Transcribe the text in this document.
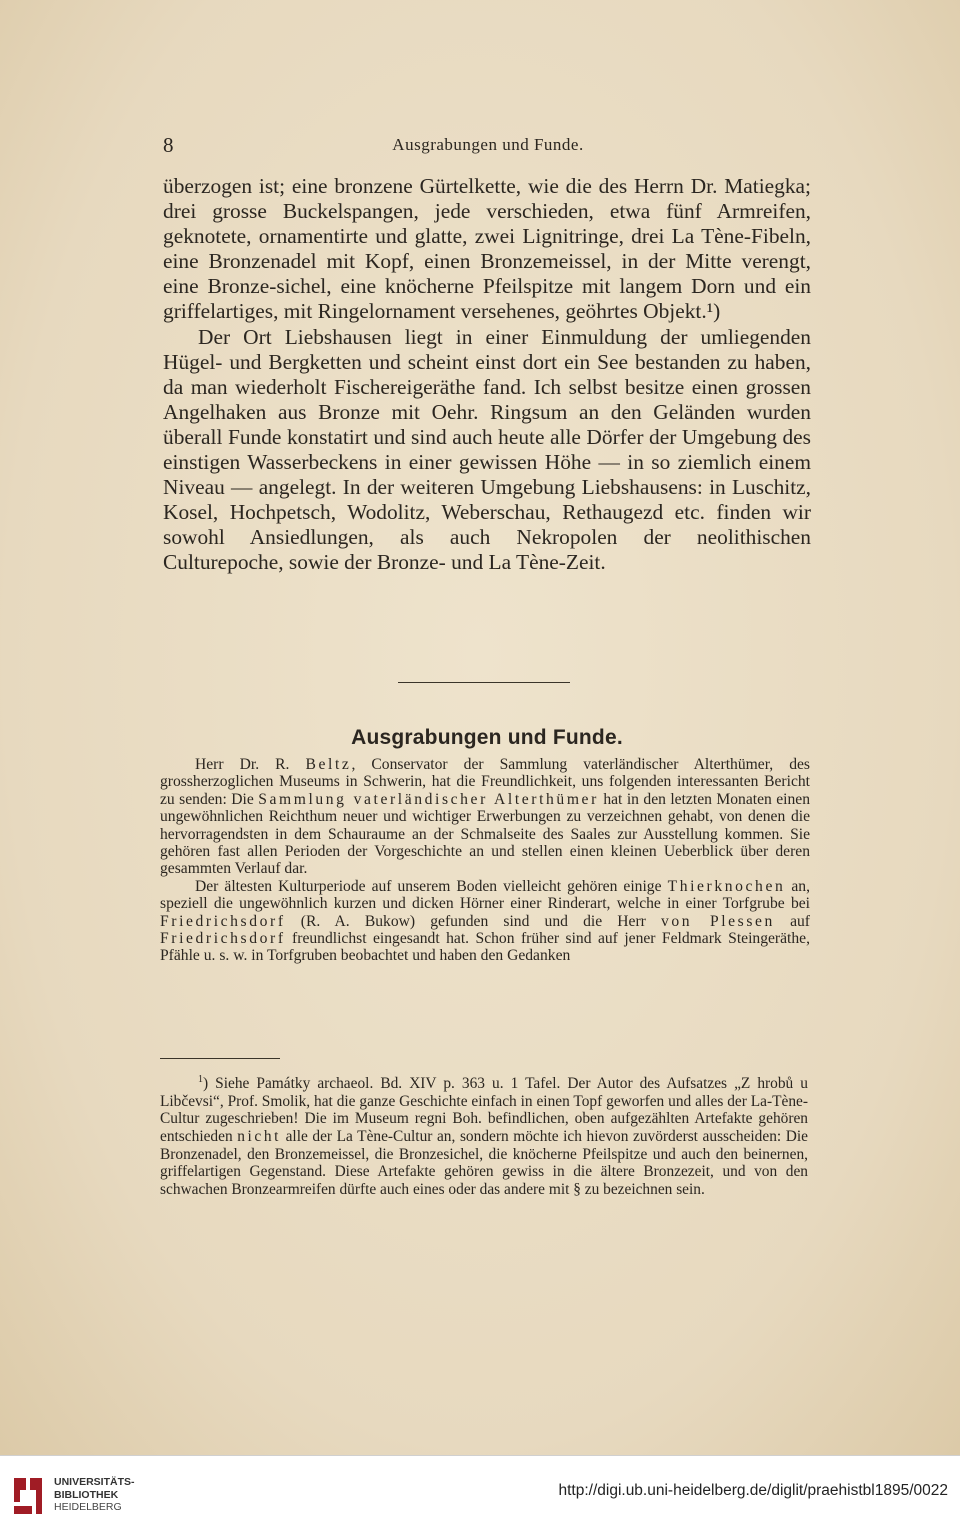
8	Ausgrabungen und Funde.

überzogen ist; eine bronzene Gürtelkette, wie die des Herrn Dr. Matiegka; drei grosse Buckelspangen, jede verschieden, etwa fünf Armreifen, geknotete, ornamentirte und glatte, zwei Lignitringe, drei La Tène-Fibeln, eine Bronzenadel mit Kopf, einen Bronzemeissel, in der Mitte verengt, eine Bronze-sichel, eine knöcherne Pfeilspitze mit langem Dorn und ein griffelartiges, mit Ringelornament versehenes, geöhrtes Objekt.¹)

Der Ort Liebshausen liegt in einer Einmuldung der umliegenden Hügel- und Bergketten und scheint einst dort ein See bestanden zu haben, da man wiederholt Fischereigeräthe fand. Ich selbst besitze einen grossen Angelhaken aus Bronze mit Oehr. Ringsum an den Geländen wurden überall Funde konstatirt und sind auch heute alle Dörfer der Umgebung des einstigen Wasserbeckens in einer gewissen Höhe — in so ziemlich einem Niveau — angelegt. In der weiteren Umgebung Liebshausens: in Luschitz, Kosel, Hochpetsch, Wodolitz, Weberschau, Rethaugezd etc. finden wir sowohl Ansiedlungen, als auch Nekropolen der neolithischen Culturepoche, sowie der Bronze- und La Tène-Zeit.

Ausgrabungen und Funde.

Herr Dr. R. Beltz, Conservator der Sammlung vaterländischer Alterthümer, des grossherzoglichen Museums in Schwerin, hat die Freundlichkeit, uns folgenden interessanten Bericht zu senden: Die Sammlung vaterländischer Alterthümer hat in den letzten Monaten einen ungewöhnlichen Reichthum neuer und wichtiger Erwerbungen zu verzeichnen gehabt, von denen die hervorragendsten in dem Schauraume an der Schmalseite des Saales zur Ausstellung kommen. Sie gehören fast allen Perioden der Vorgeschichte an und stellen einen kleinen Ueberblick über deren gesammten Verlauf dar.

Der ältesten Kulturperiode auf unserem Boden vielleicht gehören einige Thierknochen an, speziell die ungewöhnlich kurzen und dicken Hörner einer Rinderart, welche in einer Torfgrube bei Friedrichsdorf (R. A. Bukow) gefunden sind und die Herr von Plessen auf Friedrichsdorf freundlichst eingesandt hat. Schon früher sind auf jener Feldmark Steingeräthe, Pfähle u. s. w. in Torfgruben beobachtet und haben den Gedanken

$^1$) Siehe Památky archaeol. Bd. XIV p. 363 u. 1 Tafel. Der Autor des Aufsatzes „Z hrobů u Libčevsi“, Prof. Smolik, hat die ganze Geschichte einfach in einen Topf geworfen und alles der La-Tène-Cultur zugeschrieben! Die im Museum regni Boh. befindlichen, oben aufgezählten Artefakte gehören entschieden nicht alle der La Tène-Cultur an, sondern möchte ich hievon zuvörderst ausscheiden: Die Bronzenadel, den Bronzemeissel, die Bronzesichel, die knöcherne Pfeilspitze und auch den beinernen, griffelartigen Gegenstand. Diese Artefakte gehören gewiss in die ältere Bronzezeit, und von den schwachen Bronzearmreifen dürfte auch eines oder das andere mit § zu bezeichnen sein.

UNIVERSITÄTS-
BIBLIOTHEK
HEIDELBERG
http://digi.ub.uni-heidelberg.de/diglit/praehistbl1895/0022
